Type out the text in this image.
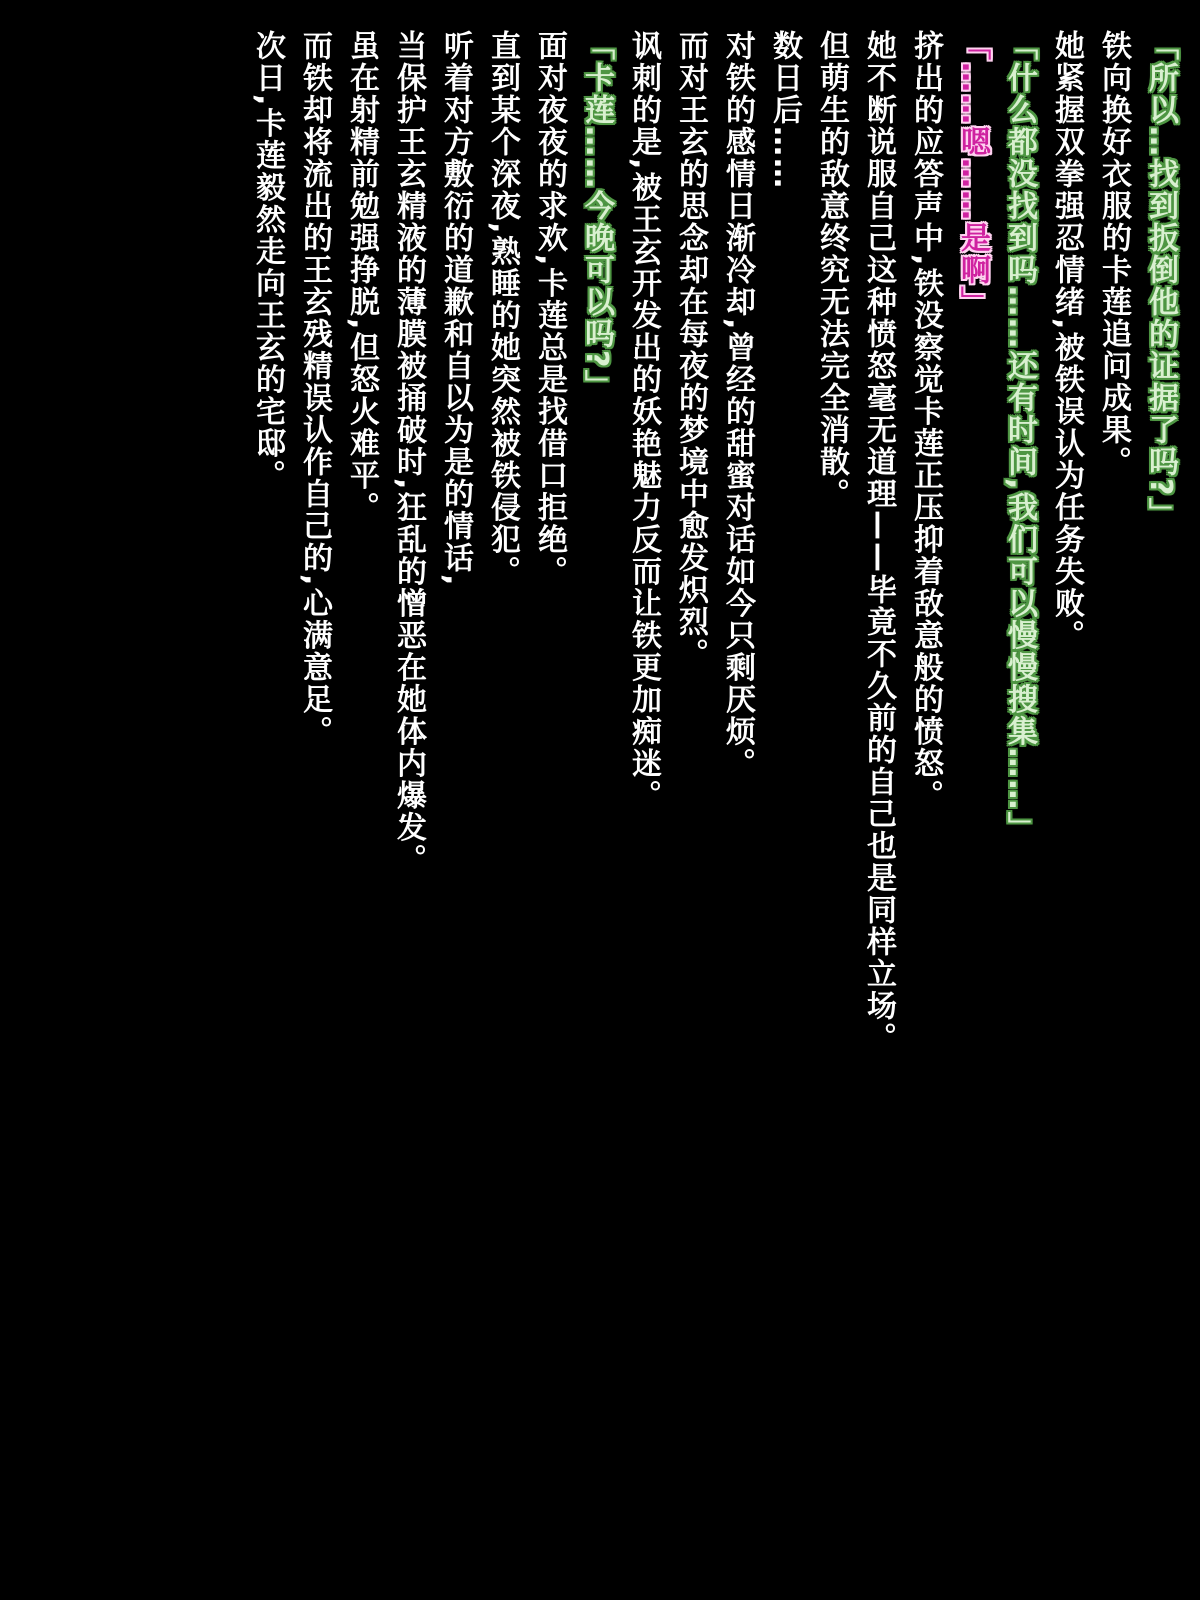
「所以…找到扳倒他的证据了吗?」

铁向换好衣服的卡莲追问成果。

她紧握双拳强忍情绪,被铁误认为任务失败。

「什么都没找到吗……还有时间,我们可以慢慢搜集……」

「……嗯……是啊」

挤出的应答声中,铁没察觉卡莲正压抑着敌意般的愤怒。

她不断说服自己这种愤怒毫无道理——毕竟不久前的自己也是同样立场。

但萌生的敌意终究无法完全消散。

数日后……

对铁的感情日渐冷却,曾经的甜蜜对话如今只剩厌烦。

而对王玄的思念却在每夜的梦境中愈发炽烈。

讽刺的是,被王玄开发出的妖艳魅力反而让铁更加痴迷。

「卡莲……今晚可以吗?」

面对夜夜的求欢,卡莲总是找借口拒绝。

直到某个深夜,熟睡的她突然被铁侵犯。

听着对方敷衍的道歉和自以为是的情话,

当保护王玄精液的薄膜被捅破时,狂乱的憎恶在她体内爆发。

虽在射精前勉强挣脱,但怒火难平。

而铁却将流出的王玄残精误认作自己的,心满意足。

次日,卡莲毅然走向王玄的宅邸。
